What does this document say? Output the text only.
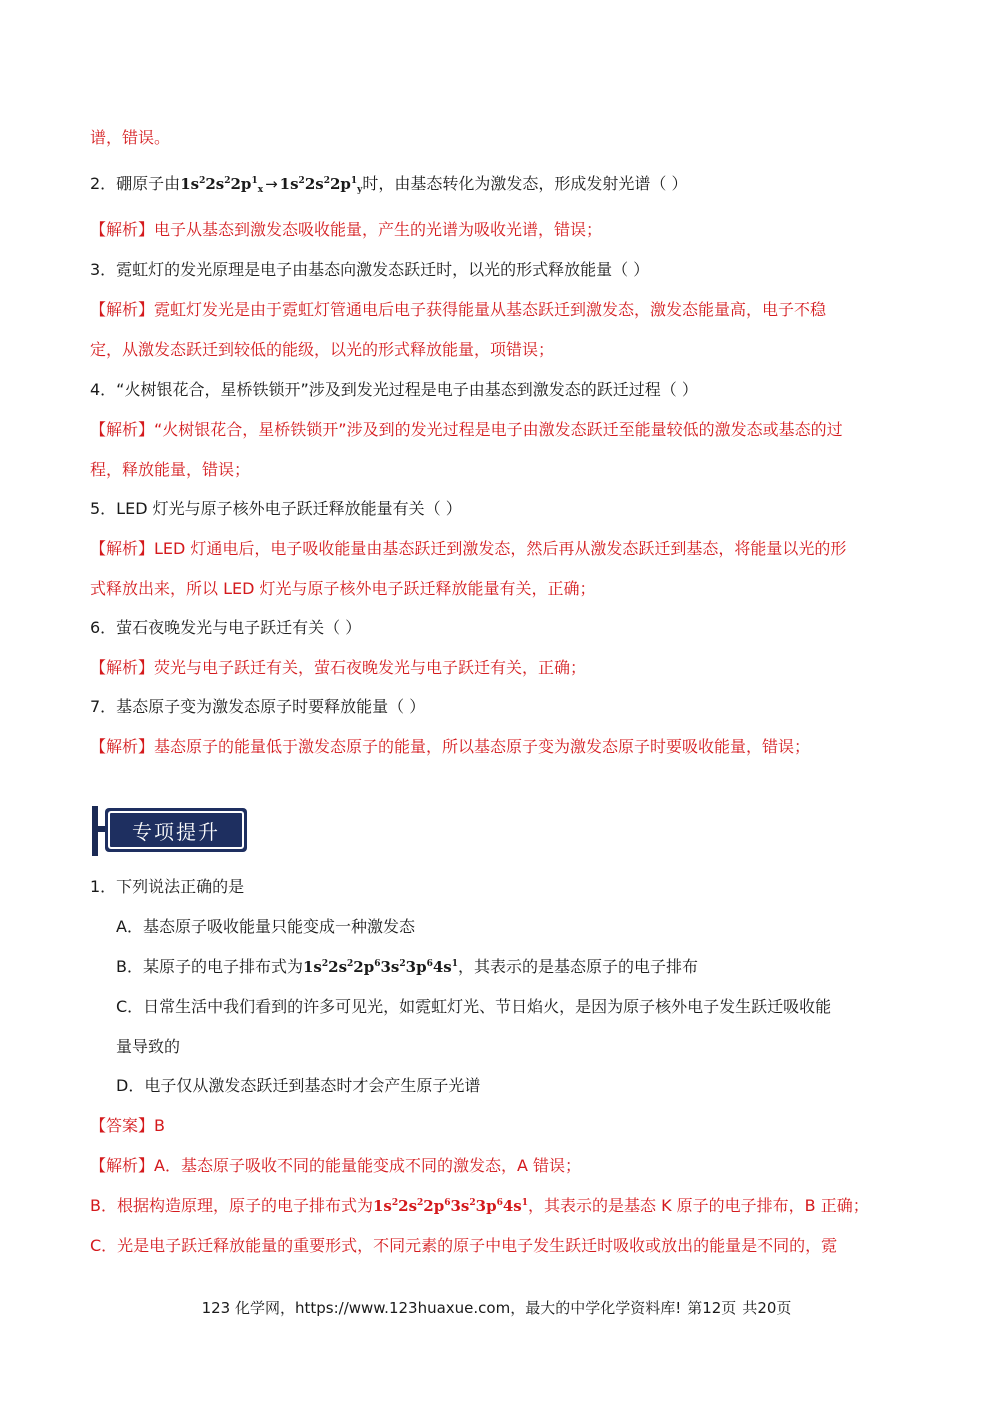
谱，错误。
2．硼原子由$1s^22s^22p^1_x \to 1s^22s^22p^1_y$时，由基态转化为激发态，形成发射光谱（ ）
【解析】电子从基态到激发态吸收能量，产生的光谱为吸收光谱，错误；
3．霓虹灯的发光原理是电子由基态向激发态跃迁时，以光的形式释放能量（ ）
【解析】霓虹灯发光是由于霓虹灯管通电后电子获得能量从基态跃迁到激发态，激发态能量高，电子不稳
定，从激发态跃迁到较低的能级，以光的形式释放能量，项错误；
4．“火树银花合，星桥铁锁开”涉及到发光过程是电子由基态到激发态的跃迁过程（ ）
【解析】“火树银花合，星桥铁锁开”涉及到的发光过程是电子由激发态跃迁至能量较低的激发态或基态的过
程，释放能量，错误；
5．LED 灯光与原子核外电子跃迁释放能量有关（ ）
【解析】LED 灯通电后，电子吸收能量由基态跃迁到激发态，然后再从激发态跃迁到基态，将能量以光的形
式释放出来，所以 LED 灯光与原子核外电子跃迁释放能量有关，正确；
6．萤石夜晚发光与电子跃迁有关（ ）
【解析】荧光与电子跃迁有关，萤石夜晚发光与电子跃迁有关，正确；
7．基态原子变为激发态原子时要释放能量（ ）
【解析】基态原子的能量低于激发态原子的能量，所以基态原子变为激发态原子时要吸收能量，错误；
专项提升
1．下列说法正确的是
A．基态原子吸收能量只能变成一种激发态
B．某原子的电子排布式为$1s^22s^22p^63s^23p^64s^1$，其表示的是基态原子的电子排布
C．日常生活中我们看到的许多可见光，如霓虹灯光、节日焰火，是因为原子核外电子发生跃迁吸收能
量导致的
D．电子仅从激发态跃迁到基态时才会产生原子光谱
【答案】B
【解析】A．基态原子吸收不同的能量能变成不同的激发态，A 错误；
B．根据构造原理，原子的电子排布式为$1s^22s^22p^63s^23p^64s^1$，其表示的是基态 K 原子的电子排布，B 正确；
C．光是电子跃迁释放能量的重要形式，不同元素的原子中电子发生跃迁时吸收或放出的能量是不同的，霓
123 化学网，https://www.123huaxue.com，最大的中学化学资料库! 第12页 共20页
